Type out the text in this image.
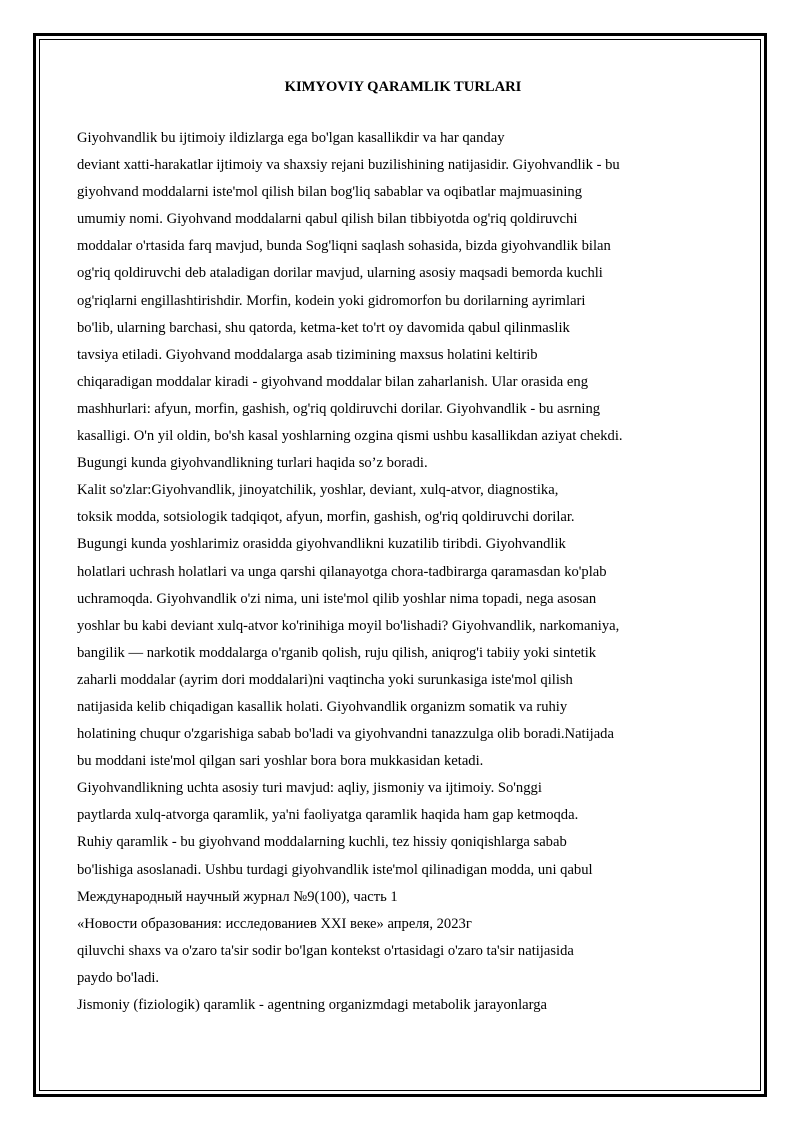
KIMYOVIY QARAMLIK TURLARI
Giyohvandlik bu ijtimoiy ildizlarga ega bo'lgan kasallikdir va har qanday
deviant xatti-harakatlar ijtimoiy va shaxsiy rejani buzilishining natijasidir. Giyohvandlik - bu
giyohvand moddalarni iste'mol qilish bilan bog'liq sabablar va oqibatlar majmuasining
umumiy nomi. Giyohvand moddalarni qabul qilish bilan tibbiyotda og'riq qoldiruvchi
moddalar o'rtasida farq mavjud, bunda Sog'liqni saqlash sohasida, bizda giyohvandlik bilan
og'riq qoldiruvchi deb ataladigan dorilar mavjud, ularning asosiy maqsadi bemorda kuchli
og'riqlarni engillashtirishdir. Morfin, kodein yoki gidromorfon bu dorilarning ayrimlari
bo'lib, ularning barchasi, shu qatorda, ketma-ket to'rt oy davomida qabul qilinmaslik
tavsiya etiladi. Giyohvand moddalarga asab tizimining maxsus holatini keltirib
chiqaradigan moddalar kiradi - giyohvand moddalar bilan zaharlanish. Ular orasida eng
mashhurlari: afyun, morfin, gashish, og'riq qoldiruvchi dorilar. Giyohvandlik - bu asrning
kasalligi. O'n yil oldin, bo'sh kasal yoshlarning ozgina qismi ushbu kasallikdan aziyat chekdi.
Bugungi kunda giyohvandlikning turlari haqida so’z boradi.
Kalit so'zlar:Giyohvandlik, jinoyatchilik, yoshlar, deviant, xulq-atvor, diagnostika,
toksik modda, sotsiologik tadqiqot, afyun, morfin, gashish, og'riq qoldiruvchi dorilar.
Bugungi kunda yoshlarimiz orasidda giyohvandlikni kuzatilib tiribdi. Giyohvandlik
holatlari uchrash holatlari va unga qarshi qilanayotga chora-tadbirarga qaramasdan ko'plab
uchramoqda. Giyohvandlik o'zi nima, uni iste'mol qilib yoshlar nima topadi, nega asosan
yoshlar bu kabi deviant xulq-atvor ko'rinihiga moyil bo'lishadi? Giyohvandlik, narkomaniya,
bangilik — narkotik moddalarga o'rganib qolish, ruju qilish, aniqrog'i tabiiy yoki sintetik
zaharli moddalar (ayrim dori moddalari)ni vaqtincha yoki surunkasiga iste'mol qilish
natijasida kelib chiqadigan kasallik holati. Giyohvandlik organizm somatik va ruhiy
holatining chuqur o'zgarishiga sabab bo'ladi va giyohvandni tanazzulga olib boradi.Natijada
bu moddani iste'mol qilgan sari yoshlar bora bora mukkasidan ketadi.
Giyohvandlikning uchta asosiy turi mavjud: aqliy, jismoniy va ijtimoiy. So'nggi
paytlarda xulq-atvorga qaramlik, ya'ni faoliyatga qaramlik haqida ham gap ketmoqda.
Ruhiy qaramlik - bu giyohvand moddalarning kuchli, tez hissiy qoniqishlarga sabab
bo'lishiga asoslanadi. Ushbu turdagi giyohvandlik iste'mol qilinadigan modda, uni qabul
Международный научный журнал №9(100), часть 1
«Новости образования: исследованиев XXI веке» апреля, 2023г
qiluvchi shaxs va o'zaro ta'sir sodir bo'lgan kontekst o'rtasidagi o'zaro ta'sir natijasida
paydo bo'ladi.
Jismoniy (fiziologik) qaramlik - agentning organizmdagi metabolik jarayonlarga
